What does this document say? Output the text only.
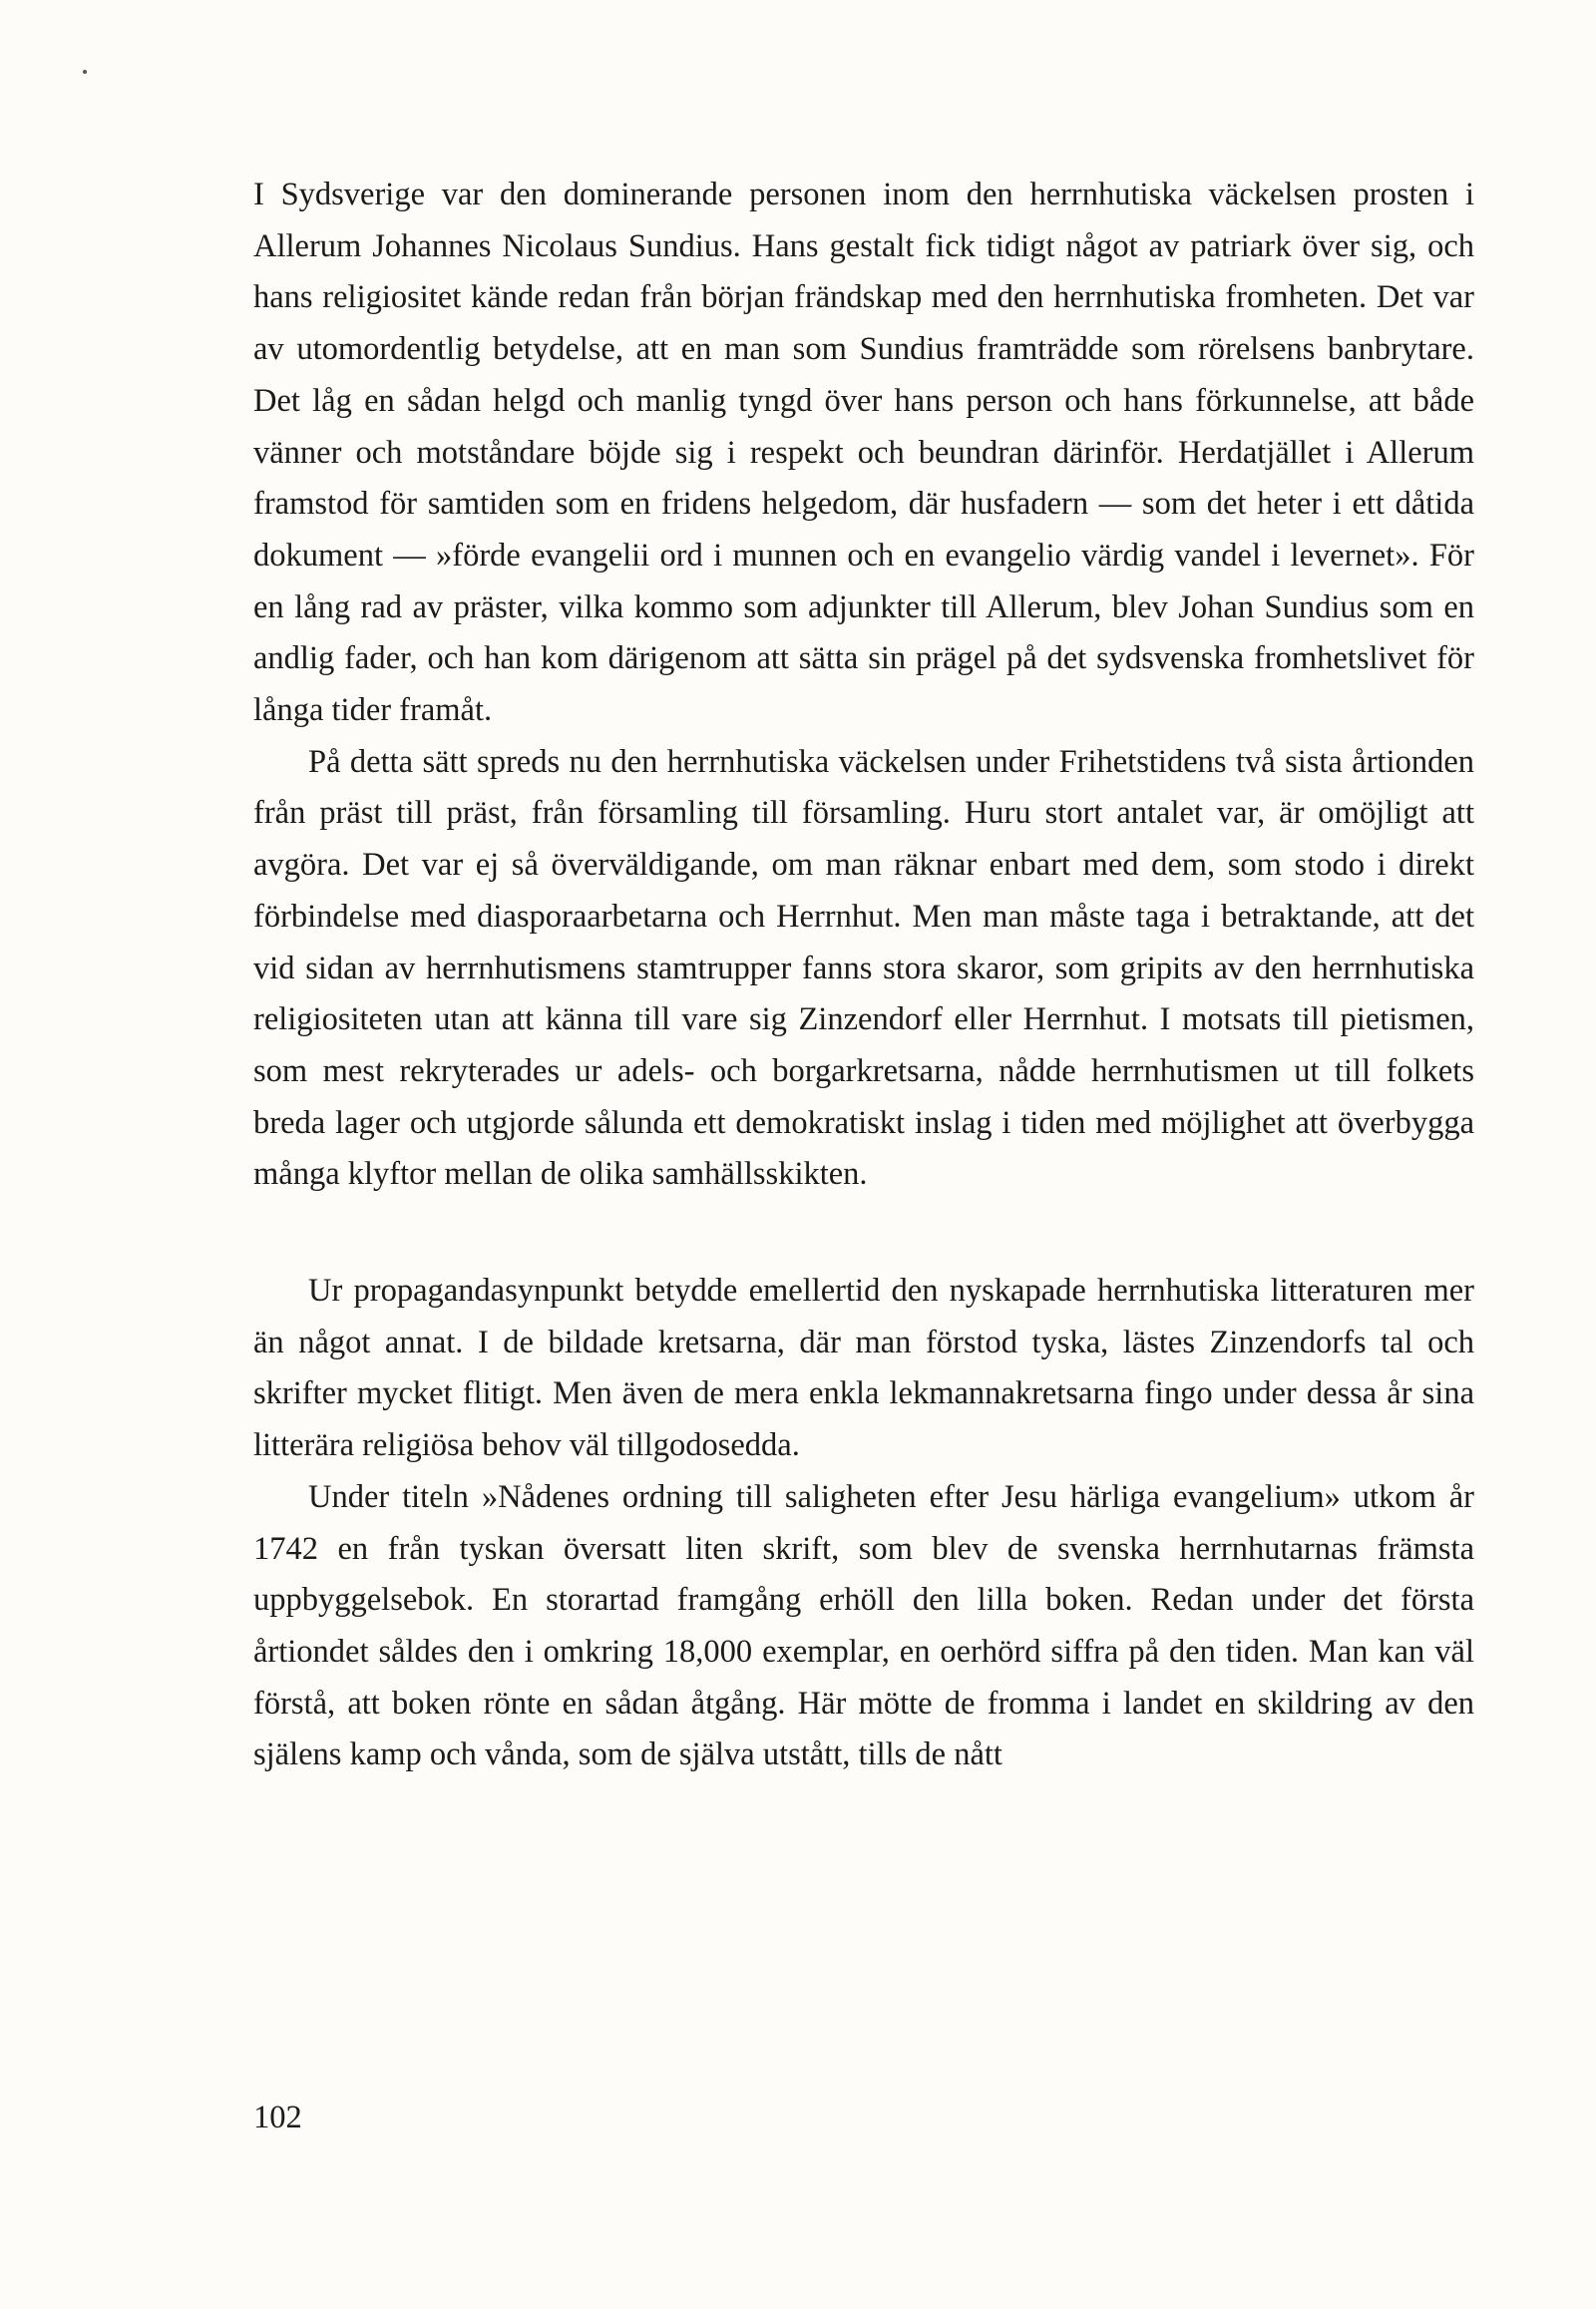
I Sydsverige var den dominerande personen inom den herrnhutiska väckelsen prosten i Allerum Johannes Nicolaus Sundius. Hans gestalt fick tidigt något av patriark över sig, och hans religiositet kände redan från början frändskap med den herrnhutiska fromheten. Det var av utomordentlig betydelse, att en man som Sundius framträdde som rörelsens banbrytare. Det låg en sådan helgd och manlig tyngd över hans person och hans förkunnelse, att både vänner och motståndare böjde sig i respekt och beundran därinför. Herdatjället i Allerum framstod för samtiden som en fridens helgedom, där husfadern — som det heter i ett dåtida dokument — »förde evangelii ord i munnen och en evangelio värdig vandel i levernet». För en lång rad av präster, vilka kommo som adjunkter till Allerum, blev Johan Sundius som en andlig fader, och han kom därigenom att sätta sin prägel på det sydsvenska fromhetslivet för långa tider framåt.

På detta sätt spreds nu den herrnhutiska väckelsen under Frihetstidens två sista årtionden från präst till präst, från församling till församling. Huru stort antalet var, är omöjligt att avgöra. Det var ej så överväldigande, om man räknar enbart med dem, som stodo i direkt förbindelse med diasporaarbetarna och Herrnhut. Men man måste taga i betraktande, att det vid sidan av herrnhutismens stamtrupper fanns stora skaror, som gripits av den herrnhutiska religiositeten utan att känna till vare sig Zinzendorf eller Herrnhut. I motsats till pietismen, som mest rekryterades ur adels- och borgarkretsarna, nådde herrnhutismen ut till folkets breda lager och utgjorde sålunda ett demokratiskt inslag i tiden med möjlighet att överbygga många klyftor mellan de olika samhällsskikten.

Ur propagandasynpunkt betydde emellertid den nyskapade herrnhutiska litteraturen mer än något annat. I de bildade kretsarna, där man förstod tyska, lästes Zinzendorfs tal och skrifter mycket flitigt. Men även de mera enkla lekmannakretsarna fingo under dessa år sina litterära religiösa behov väl tillgodosedda.

Under titeln »Nådenes ordning till saligheten efter Jesu härliga evangelium» utkom år 1742 en från tyskan översatt liten skrift, som blev de svenska herrnhutarnas främsta uppbyggelsebok. En storartad framgång erhöll den lilla boken. Redan under det första årtiondet såldes den i omkring 18,000 exemplar, en oerhörd siffra på den tiden. Man kan väl förstå, att boken rönte en sådan åtgång. Här mötte de fromma i landet en skildring av den själens kamp och vånda, som de själva utstått, tills de nått

102
